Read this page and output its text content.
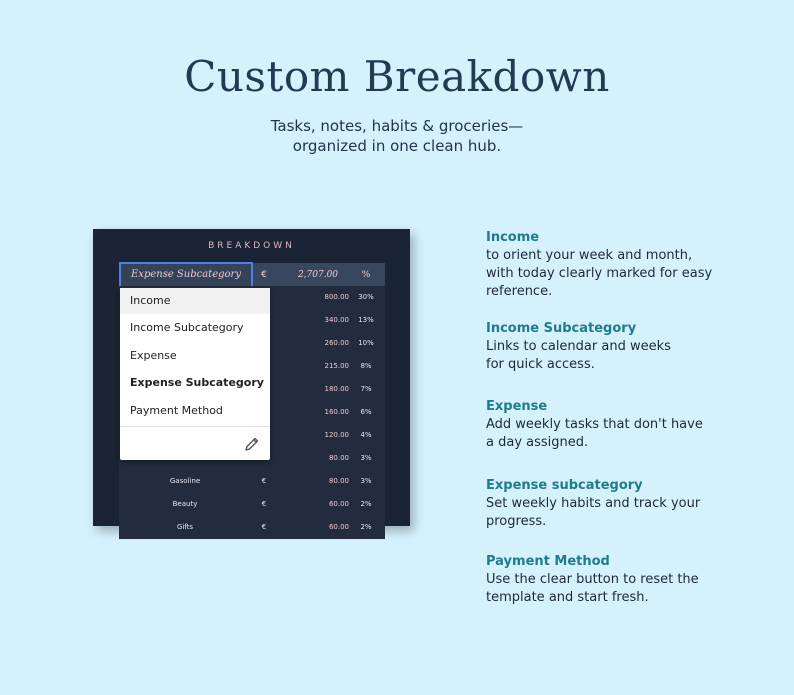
Custom Breakdown
Tasks, notes, habits & groceries—
organized in one clean hub.
BREAKDOWN
Expense Subcategory	€	2,707.00	%
800.00	30%
340.00	13%
260.00	10%
215.00	8%
180.00	7%
160.00	6%
120.00	4%
80.00	3%
Gasoline	€	80.00	3%
Beauty	€	60.00	2%
Gifts	€	60.00	2%
Income
Income Subcategory
Expense
Expense Subcategory
Payment Method
Income
to orient your week and month,
with today clearly marked for easy
reference.
Income Subcategory
Links to calendar and weeks
for quick access.
Expense
Add weekly tasks that don't have
a day assigned.
Expense subcategory
Set weekly habits and track your
progress.
Payment Method
Use the clear button to reset the
template and start fresh.
